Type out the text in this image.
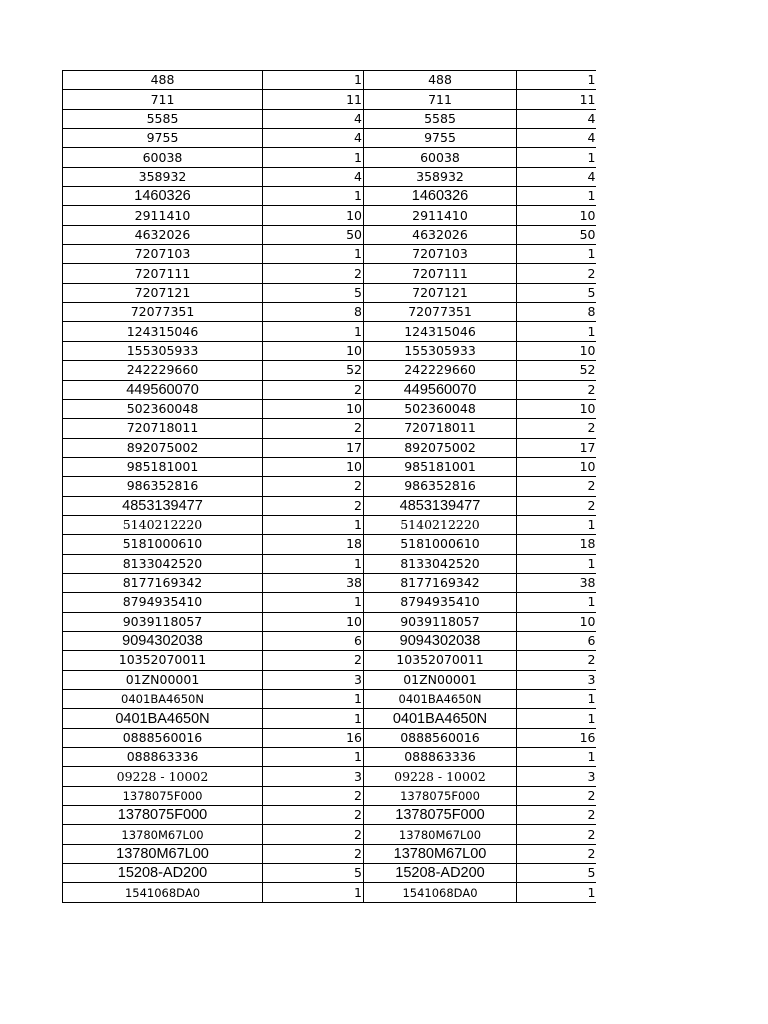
488	1	488	1
711	11	711	11
5585	4	5585	4
9755	4	9755	4
60038	1	60038	1
358932	4	358932	4
1460326	1	1460326	1
2911410	10	2911410	10
4632026	50	4632026	50
7207103	1	7207103	1
7207111	2	7207111	2
7207121	5	7207121	5
72077351	8	72077351	8
124315046	1	124315046	1
155305933	10	155305933	10
242229660	52	242229660	52
449560070	2	449560070	2
502360048	10	502360048	10
720718011	2	720718011	2
892075002	17	892075002	17
985181001	10	985181001	10
986352816	2	986352816	2
4853139477	2	4853139477	2
5140212220	1	5140212220	1
5181000610	18	5181000610	18
8133042520	1	8133042520	1
8177169342	38	8177169342	38
8794935410	1	8794935410	1
9039118057	10	9039118057	10
9094302038	6	9094302038	6
10352070011	2	10352070011	2
01ZN00001	3	01ZN00001	3
0401BA4650N	1	0401BA4650N	1
0401BA4650N	1	0401BA4650N	1
0888560016	16	0888560016	16
088863336	1	088863336	1
09228 - 10002	3	09228 - 10002	3
1378075F000	2	1378075F000	2
1378075F000	2	1378075F000	2
13780M67L00	2	13780M67L00	2
13780M67L00	2	13780M67L00	2
15208-AD200	5	15208-AD200	5
1541068DA0	1	1541068DA0	1
